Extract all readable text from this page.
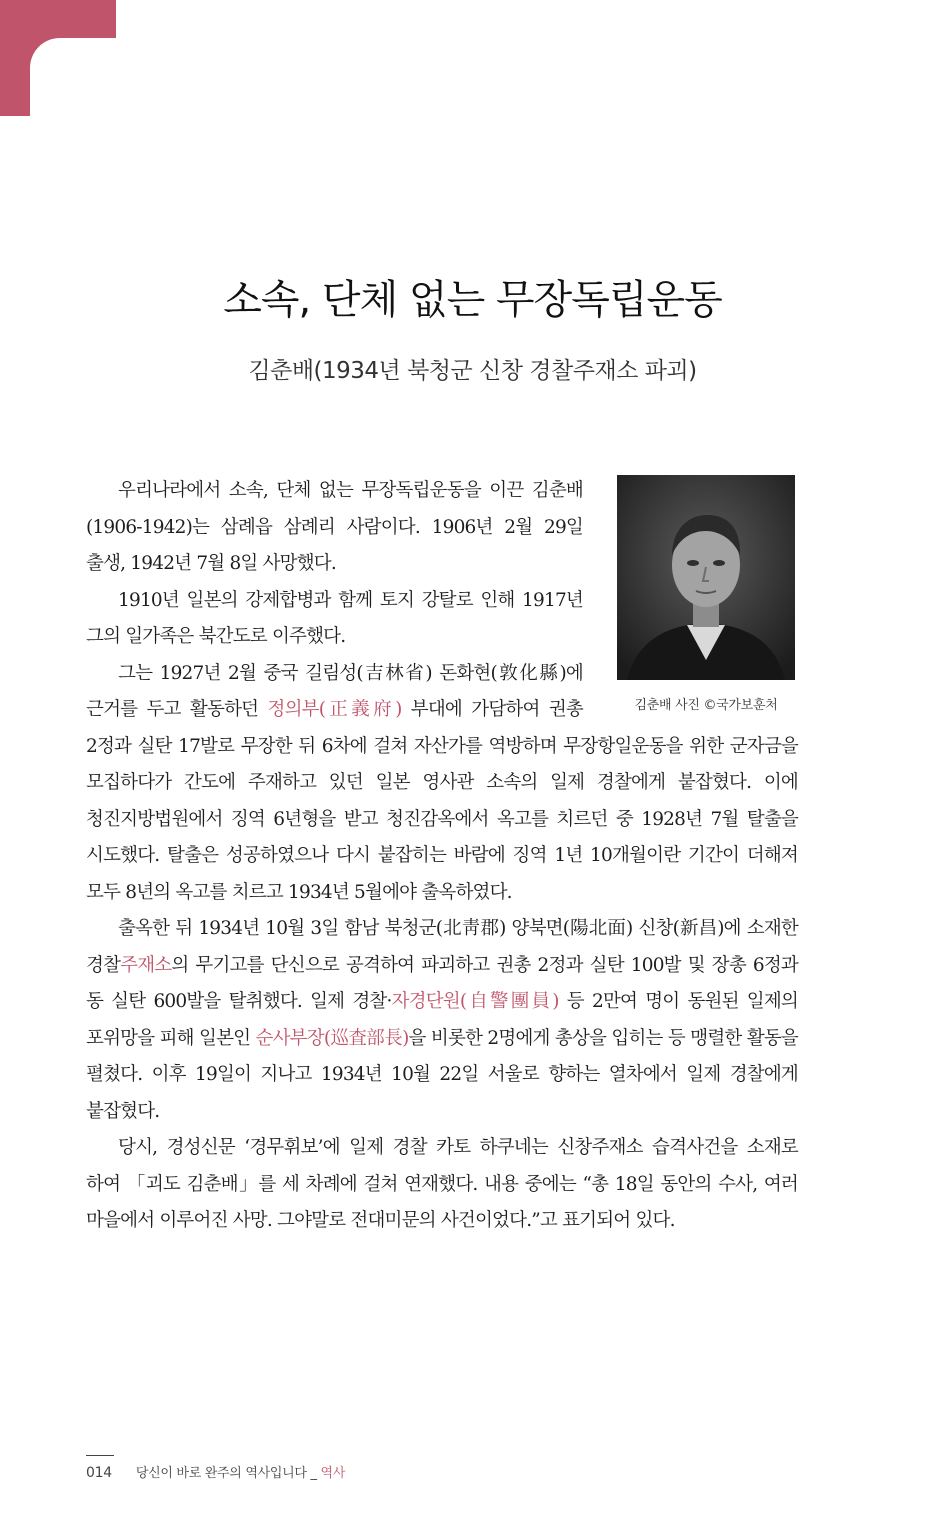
소속, 단체 없는 무장독립운동
김춘배(1934년 북청군 신창 경찰주재소 파괴)
김춘배 사진 ©국가보훈처

우리나라에서 소속, 단체 없는 무장독립운동을 이끈 김춘배(1906-1942)는 삼례읍 삼례리 사람이다. 1906년 2월 29일 출생, 1942년 7월 8일 사망했다.

1910년 일본의 강제합병과 함께 토지 강탈로 인해 1917년 그의 일가족은 북간도로 이주했다.

그는 1927년 2월 중국 길림성(吉林省) 돈화현(敦化縣)에 근거를 두고 활동하던 정의부(正義府) 부대에 가담하여 권총 2정과 실탄 17발로 무장한 뒤 6차에 걸쳐 자산가를 역방하며 무장항일운동을 위한 군자금을 모집하다가 간도에 주재하고 있던 일본 영사관 소속의 일제 경찰에게 붙잡혔다. 이에 청진지방법원에서 징역 6년형을 받고 청진감옥에서 옥고를 치르던 중 1928년 7월 탈출을 시도했다. 탈출은 성공하였으나 다시 붙잡히는 바람에 징역 1년 10개월이란 기간이 더해져 모두 8년의 옥고를 치르고 1934년 5월에야 출옥하였다.

출옥한 뒤 1934년 10월 3일 함남 북청군(北靑郡) 양북면(陽北面) 신창(新昌)에 소재한 경찰주재소의 무기고를 단신으로 공격하여 파괴하고 권총 2정과 실탄 100발 및 장총 6정과 동 실탄 600발을 탈취했다. 일제 경찰·자경단원(自警團員) 등 2만여 명이 동원된 일제의 포위망을 피해 일본인 순사부장(巡査部長)을 비롯한 2명에게 총상을 입히는 등 맹렬한 활동을 펼쳤다. 이후 19일이 지나고 1934년 10월 22일 서울로 향하는 열차에서 일제 경찰에게 붙잡혔다.

당시, 경성신문 ‘경무휘보’에 일제 경찰 카토 하쿠네는 신창주재소 습격사건을 소재로 하여 「괴도 김춘배」를 세 차례에 걸쳐 연재했다. 내용 중에는 “총 18일 동안의 수사, 여러 마을에서 이루어진 사망. 그야말로 전대미문의 사건이었다.”고 표기되어 있다.

014 당신이 바로 완주의 역사입니다 _ 역사
